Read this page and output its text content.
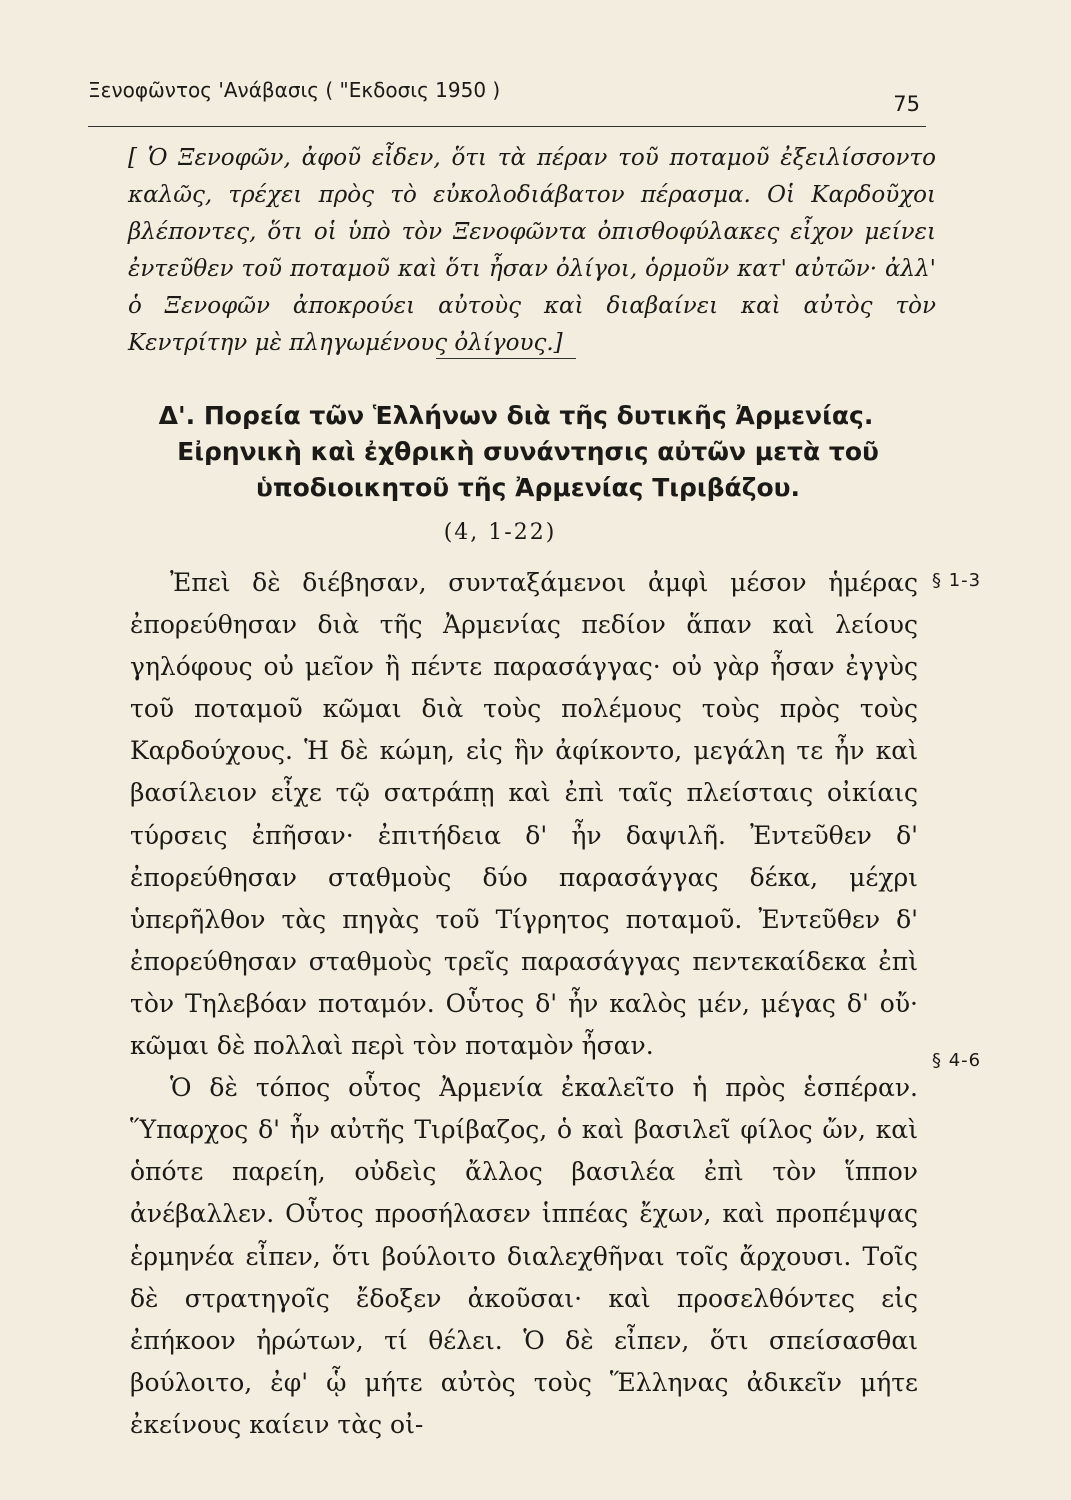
Ξενοφῶντος 'Ανάβασις ( "Εκδοσις 1950 )
75
[ Ὁ Ξενοφῶν, ἀφοῦ εἶδεν, ὅτι τὰ πέραν τοῦ ποταμοῦ ἐξειλίσσοντο καλῶς, τρέχει πρὸς τὸ εὐκολοδιάβατον πέρασμα. Οἱ Καρδοῦχοι βλέποντες, ὅτι οἱ ὑπὸ τὸν Ξενοφῶντα ὀπισθοφύλακες εἶχον μείνει ἐντεῦθεν τοῦ ποταμοῦ καὶ ὅτι ἦσαν ὀλίγοι, ὁρμοῦν κατ' αὐτῶν· ἀλλ' ὁ Ξενοφῶν ἀποκρούει αὐτοὺς καὶ διαβαίνει καὶ αὐτὸς τὸν Κεντρίτην μὲ πληγωμένους ὀλίγους.]
Δ'. Πορεία τῶν Ἑλλήνων διὰ τῆς δυτικῆς Ἀρμενίας.
Εἰρηνικὴ καὶ ἐχθρικὴ συνάντησις αὐτῶν μετὰ τοῦ
ὑποδιοικητοῦ τῆς Ἀρμενίας Τιριβάζου.
(4, 1-22)

Ἐπεὶ δὲ διέβησαν, συνταξάμενοι ἀμφὶ μέσον ἡμέρας ἐπορεύθησαν διὰ τῆς Ἀρμενίας πεδίον ἅπαν καὶ λείους γηλόφους οὐ μεῖον ἢ πέντε παρασάγγας· οὐ γὰρ ἦσαν ἐγγὺς τοῦ ποταμοῦ κῶμαι διὰ τοὺς πολέμους τοὺς πρὸς τοὺς Καρδούχους. Ἡ δὲ κώμη, εἰς ἣν ἀφίκοντο, μεγάλη τε ἦν καὶ βασίλειον εἶχε τῷ σατράπῃ καὶ ἐπὶ ταῖς πλείσταις οἰκίαις τύρσεις ἐπῆσαν· ἐπιτήδεια δ' ἦν δαψιλῆ. Ἐντεῦθεν δ' ἐπορεύθησαν σταθμοὺς δύο παρασάγγας δέκα, μέχρι ὑπερῆλθον τὰς πηγὰς τοῦ Τίγρητος ποταμοῦ. Ἐντεῦθεν δ' ἐπορεύθησαν σταθμοὺς τρεῖς παρασάγγας πεντεκαίδεκα ἐπὶ τὸν Τηλεβόαν ποταμόν. Οὗτος δ' ἦν καλὸς μέν, μέγας δ' οὔ· κῶμαι δὲ πολλαὶ περὶ τὸν ποταμὸν ἦσαν.

Ὁ δὲ τόπος οὗτος Ἀρμενία ἐκαλεῖτο ἡ πρὸς ἑσπέραν. Ὕπαρχος δ' ἦν αὐτῆς Τιρίβαζος, ὁ καὶ βασιλεῖ φίλος ὤν, καὶ ὁπότε παρείη, οὐδεὶς ἄλλος βασιλέα ἐπὶ τὸν ἵππον ἀνέβαλλεν. Οὗτος προσήλασεν ἱππέας ἔχων, καὶ προπέμψας ἑρμηνέα εἶπεν, ὅτι βούλοιτο διαλεχθῆναι τοῖς ἄρχουσι. Τοῖς δὲ στρατηγοῖς ἔδοξεν ἀκοῦσαι· καὶ προσελθόντες εἰς ἐπήκοον ἠρώτων, τί θέλει. Ὁ δὲ εἶπεν, ὅτι σπείσασθαι βούλοιτο, ἐφ' ᾧ μήτε αὐτὸς τοὺς Ἕλληνας ἀδικεῖν μήτε ἐκείνους καίειν τὰς οἰ-

§ 1-3
§ 4-6
